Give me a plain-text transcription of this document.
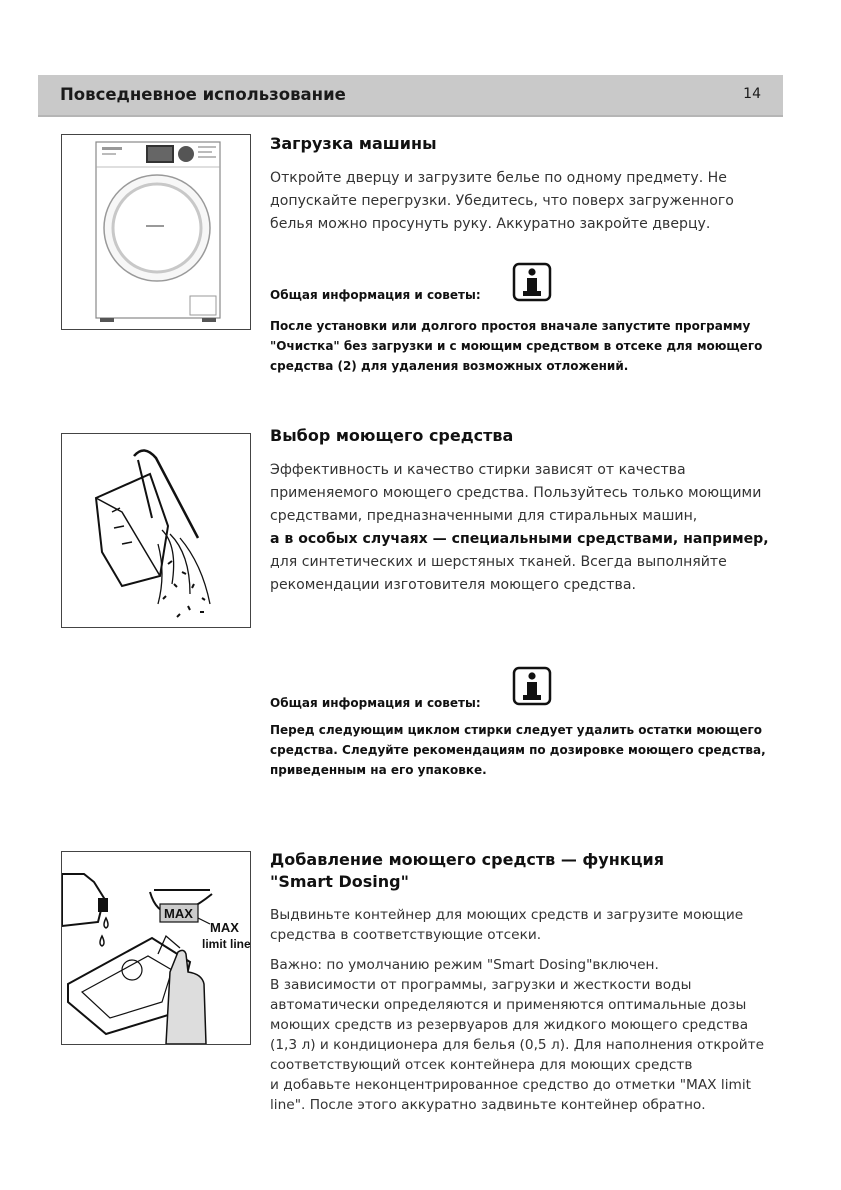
Повседневное использование	14
Загрузка машины
Откройте дверцу и загрузите белье по одному предмету. Не
допускайте перегрузки. Убедитесь, что поверх загруженного
белья можно просунуть руку. Аккуратно закройте дверцу.
Общая информация и советы:
После установки или долгого простоя вначале запустите программу
"Очистка" без загрузки и с моющим средством в отсеке для моющего
средства (2) для удаления возможных отложений.
Выбор моющего средства
Эффективность и качество стирки зависят от качества
применяемого моющего средства. Пользуйтесь только моющими
средствами, предназначенными для стиральных машин,
а в особых случаях — специальными средствами, например,
для синтетических и шерстяных тканей. Всегда выполняйте
рекомендации изготовителя моющего средства.
Общая информация и советы:
Перед следующим циклом стирки следует удалить остатки моющего
средства. Следуйте рекомендациям по дозировке моющего средства,
приведенным на его упаковке.
MAX
MAX
limit line
Добавление моющего средств — функция
"Smart Dosing"
Выдвиньте контейнер для моющих средств и загрузите моющие
средства в соответствующие отсеки.
Важно: по умолчанию режим "Smart Dosing"включен.
В зависимости от программы, загрузки и жесткости воды
автоматически определяются и применяются оптимальные дозы
моющих средств из резервуаров для жидкого моющего средства
(1,3 л) и кондиционера для белья (0,5 л). Для наполнения откройте
соответствующий отсек контейнера для моющих средств
и добавьте неконцентрированное средство до отметки "MAX limit
line". После этого аккуратно задвиньте контейнер обратно.
